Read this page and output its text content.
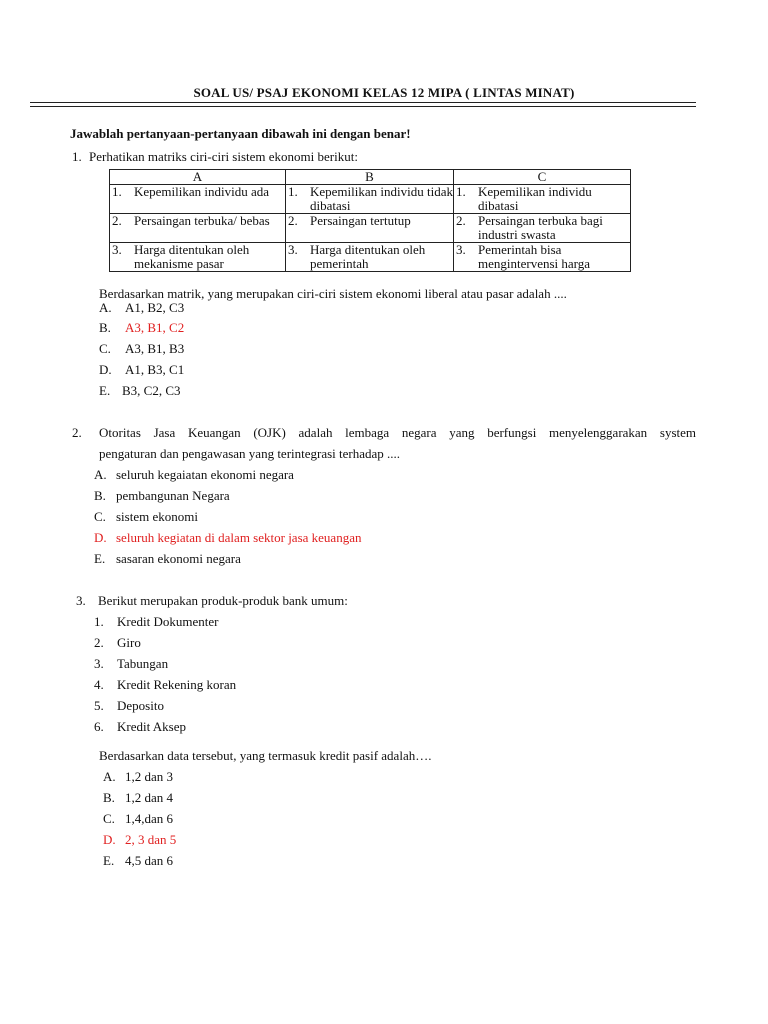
SOAL US/ PSAJ EKONOMI KELAS 12 MIPA ( LINTAS MINAT)
Jawablah pertanyaan-pertanyaan dibawah ini dengan benar!
1. Perhatikan matriks ciri-ciri sistem ekonomi berikut:
A	B	C

1. Kepemilikan individu ada	1. Kepemilikan individu tidak dibatasi	1. Kepemilikan individu dibatasi

2. Persaingan terbuka/ bebas	2. Persaingan tertutup	2. Persaingan terbuka bagi industri swasta

3. Harga ditentukan oleh mekanisme pasar	3. Harga ditentukan oleh pemerintah	3. Pemerintah bisa mengintervensi harga
Berdasarkan matrik, yang merupakan ciri-ciri sistem ekonomi liberal atau pasar adalah ....
A. A1, B2, C3
B. A3, B1, C2
C. A3, B1, B3
D. A1, B3, C1
E. B3, C2, C3
2. Otoritas Jasa Keuangan (OJK) adalah lembaga negara yang berfungsi menyelenggarakan system
pengaturan dan pengawasan yang terintegrasi terhadap ....
A. seluruh kegaiatan ekonomi negara
B. pembangunan Negara
C. sistem ekonomi
D. seluruh kegiatan di dalam sektor jasa keuangan
E. sasaran ekonomi negara
3. Berikut merupakan produk-produk bank umum:
1. Kredit Dokumenter
2. Giro
3. Tabungan
4. Kredit Rekening koran
5. Deposito
6. Kredit Aksep
Berdasarkan data tersebut, yang termasuk kredit pasif adalah….
A. 1,2 dan 3
B. 1,2 dan 4
C. 1,4,dan 6
D. 2, 3 dan 5
E. 4,5 dan 6
